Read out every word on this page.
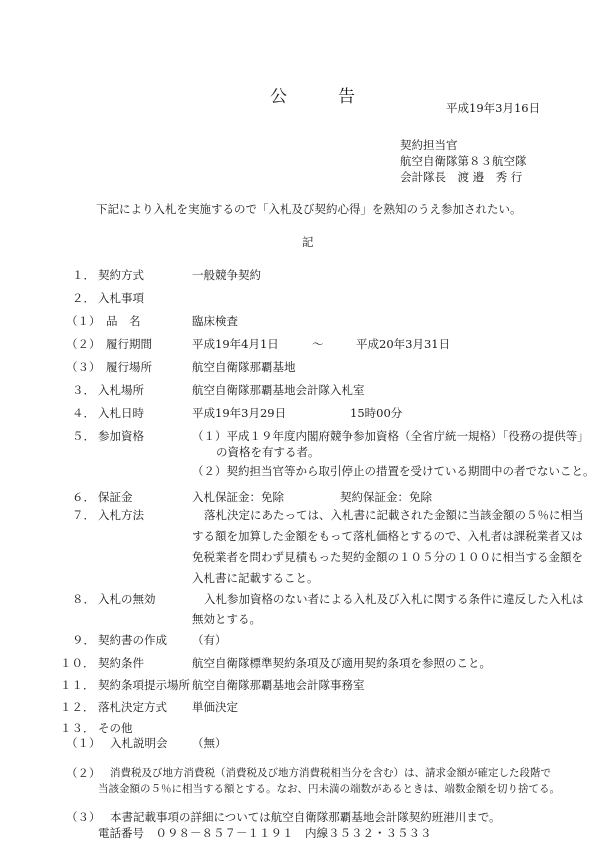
公	告
平成19年3月16日
契約担当官
航空自衛隊第８３航空隊
会計隊長　渡 邉　秀 行
下記により入札を実施するので「入札及び契約心得」を熟知のうえ参加されたい。
記
１． 契約方式	一般競争契約
２． 入札事項
（１） 品　名	臨床検査
（２） 履行期間	平成19年4月1日	～	平成20年3月31日
（３） 履行場所	航空自衛隊那覇基地
３． 入札場所	航空自衛隊那覇基地会計隊入札室
４． 入札日時	平成19年3月29日	15時00分
５． 参加資格	（１）平成１９年度内閣府競争参加資格（全省庁統一規格）「役務の提供等」
の資格を有する者。
（２）契約担当官等から取引停止の措置を受けている期間中の者でないこと。
６． 保証金	入札保証金：免除	契約保証金：免除
７． 入札方法	落札決定にあたっては、入札書に記載された金額に当該金額の５％に相当
する額を加算した金額をもって落札価格とするので、入札者は課税業者又は
免税業者を問わず見積もった契約金額の１０５分の１００に相当する金額を
入札書に記載すること。
８． 入札の無効	入札参加資格のない者による入札及び入札に関する条件に違反した入札は
無効とする。
９． 契約書の作成 （有）
１０． 契約条件	航空自衛隊標準契約条項及び適用契約条項を参照のこと。
１１． 契約条項提示場所 航空自衛隊那覇基地会計隊事務室
１２． 落札決定方式 単価決定
１３． その他
（１） 入札説明会 （無）
（２） 消費税及び地方消費税（消費税及び地方消費税相当分を含む）は、請求金額が確定した段階で
当該金額の５％に相当する額とする。なお、円未満の端数があるときは、端数金額を切り捨てる。
（３） 本書記載事項の詳細については航空自衛隊那覇基地会計隊契約班港川まで。
電話番号　０９８－８５７－１１９１　内線３５３２・３５３３
